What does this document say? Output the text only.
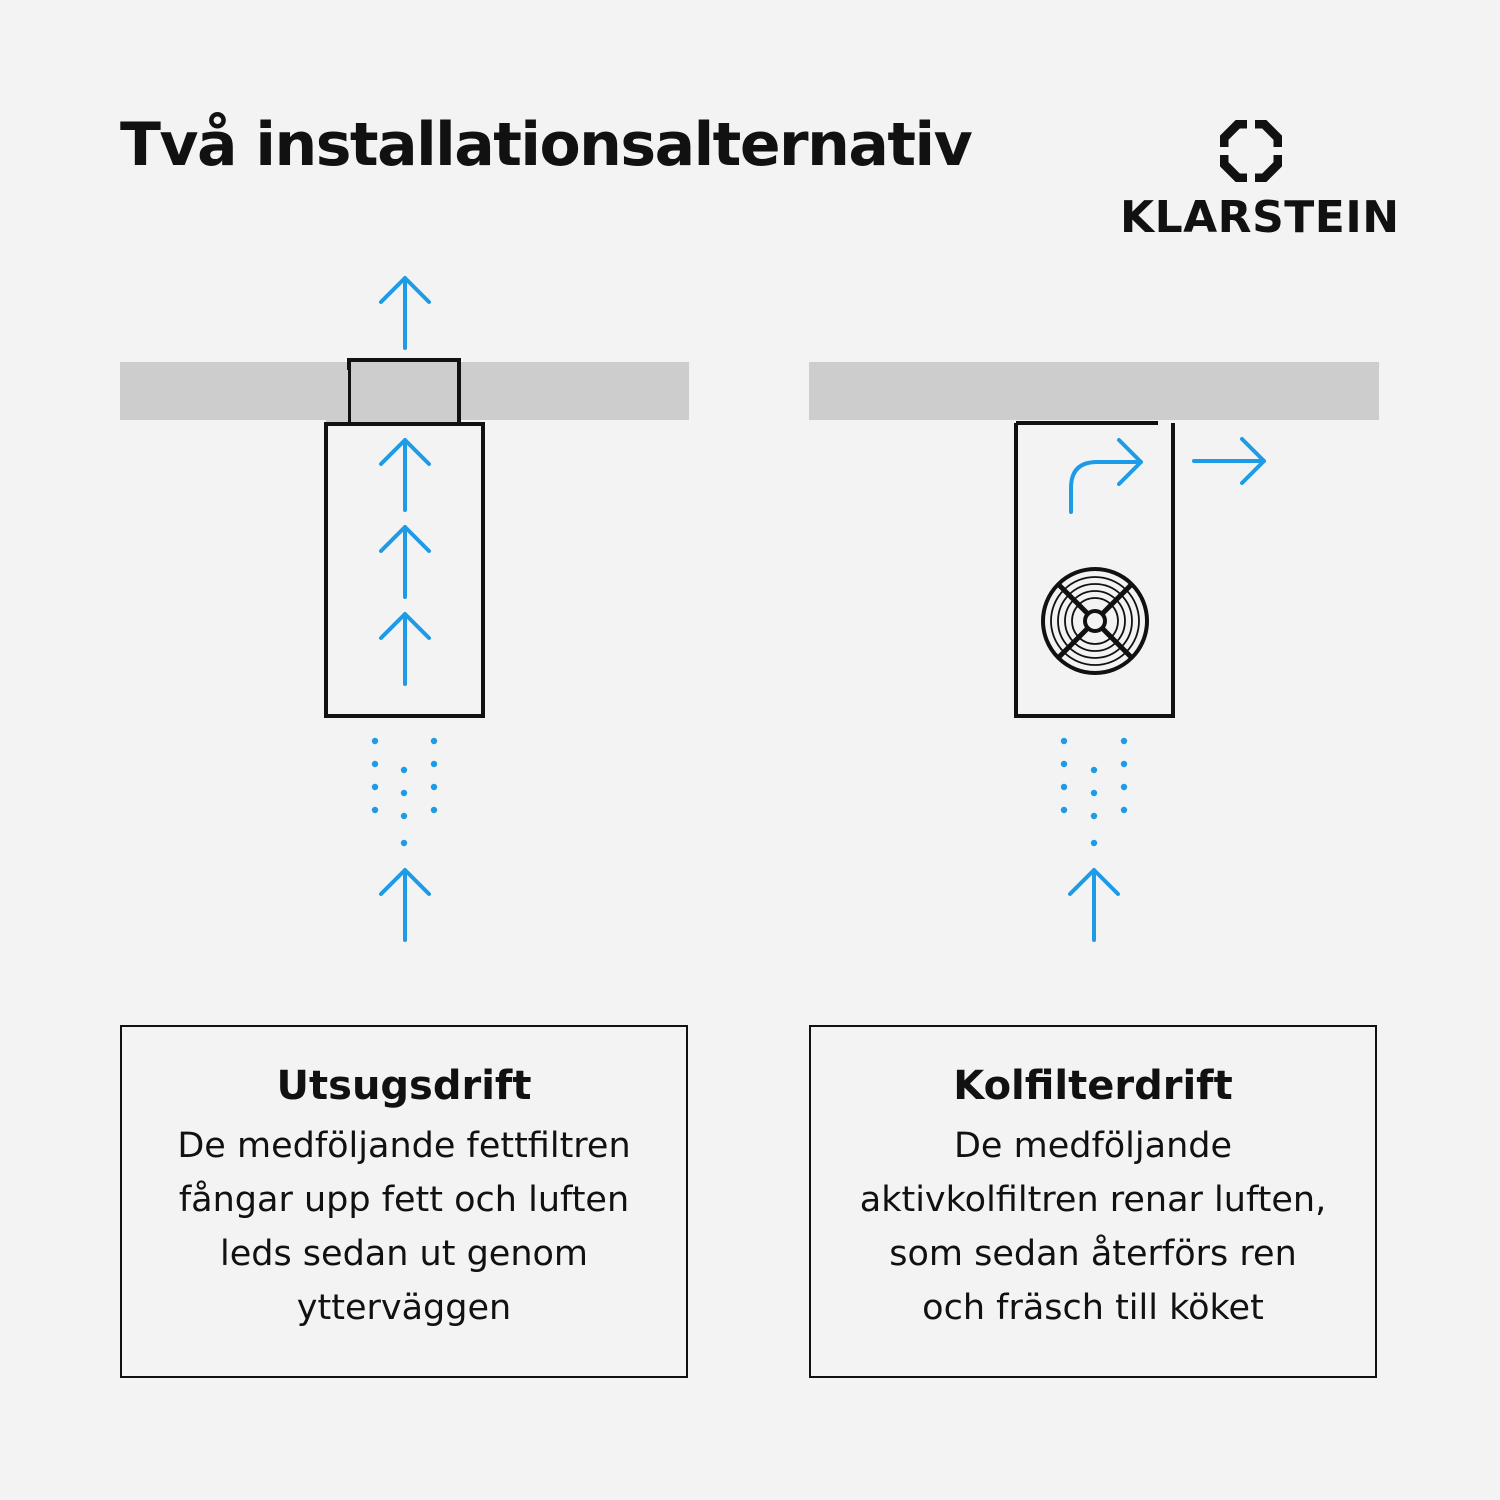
Två installationsalternativ
KLARSTEIN
Utsugsdrift
De medföljande fettfiltren
fångar upp fett och luften
leds sedan ut genom
ytterväggen
Kolfilterdrift
De medföljande
aktivkolfiltren renar luften,
som sedan återförs ren
och fräsch till köket
